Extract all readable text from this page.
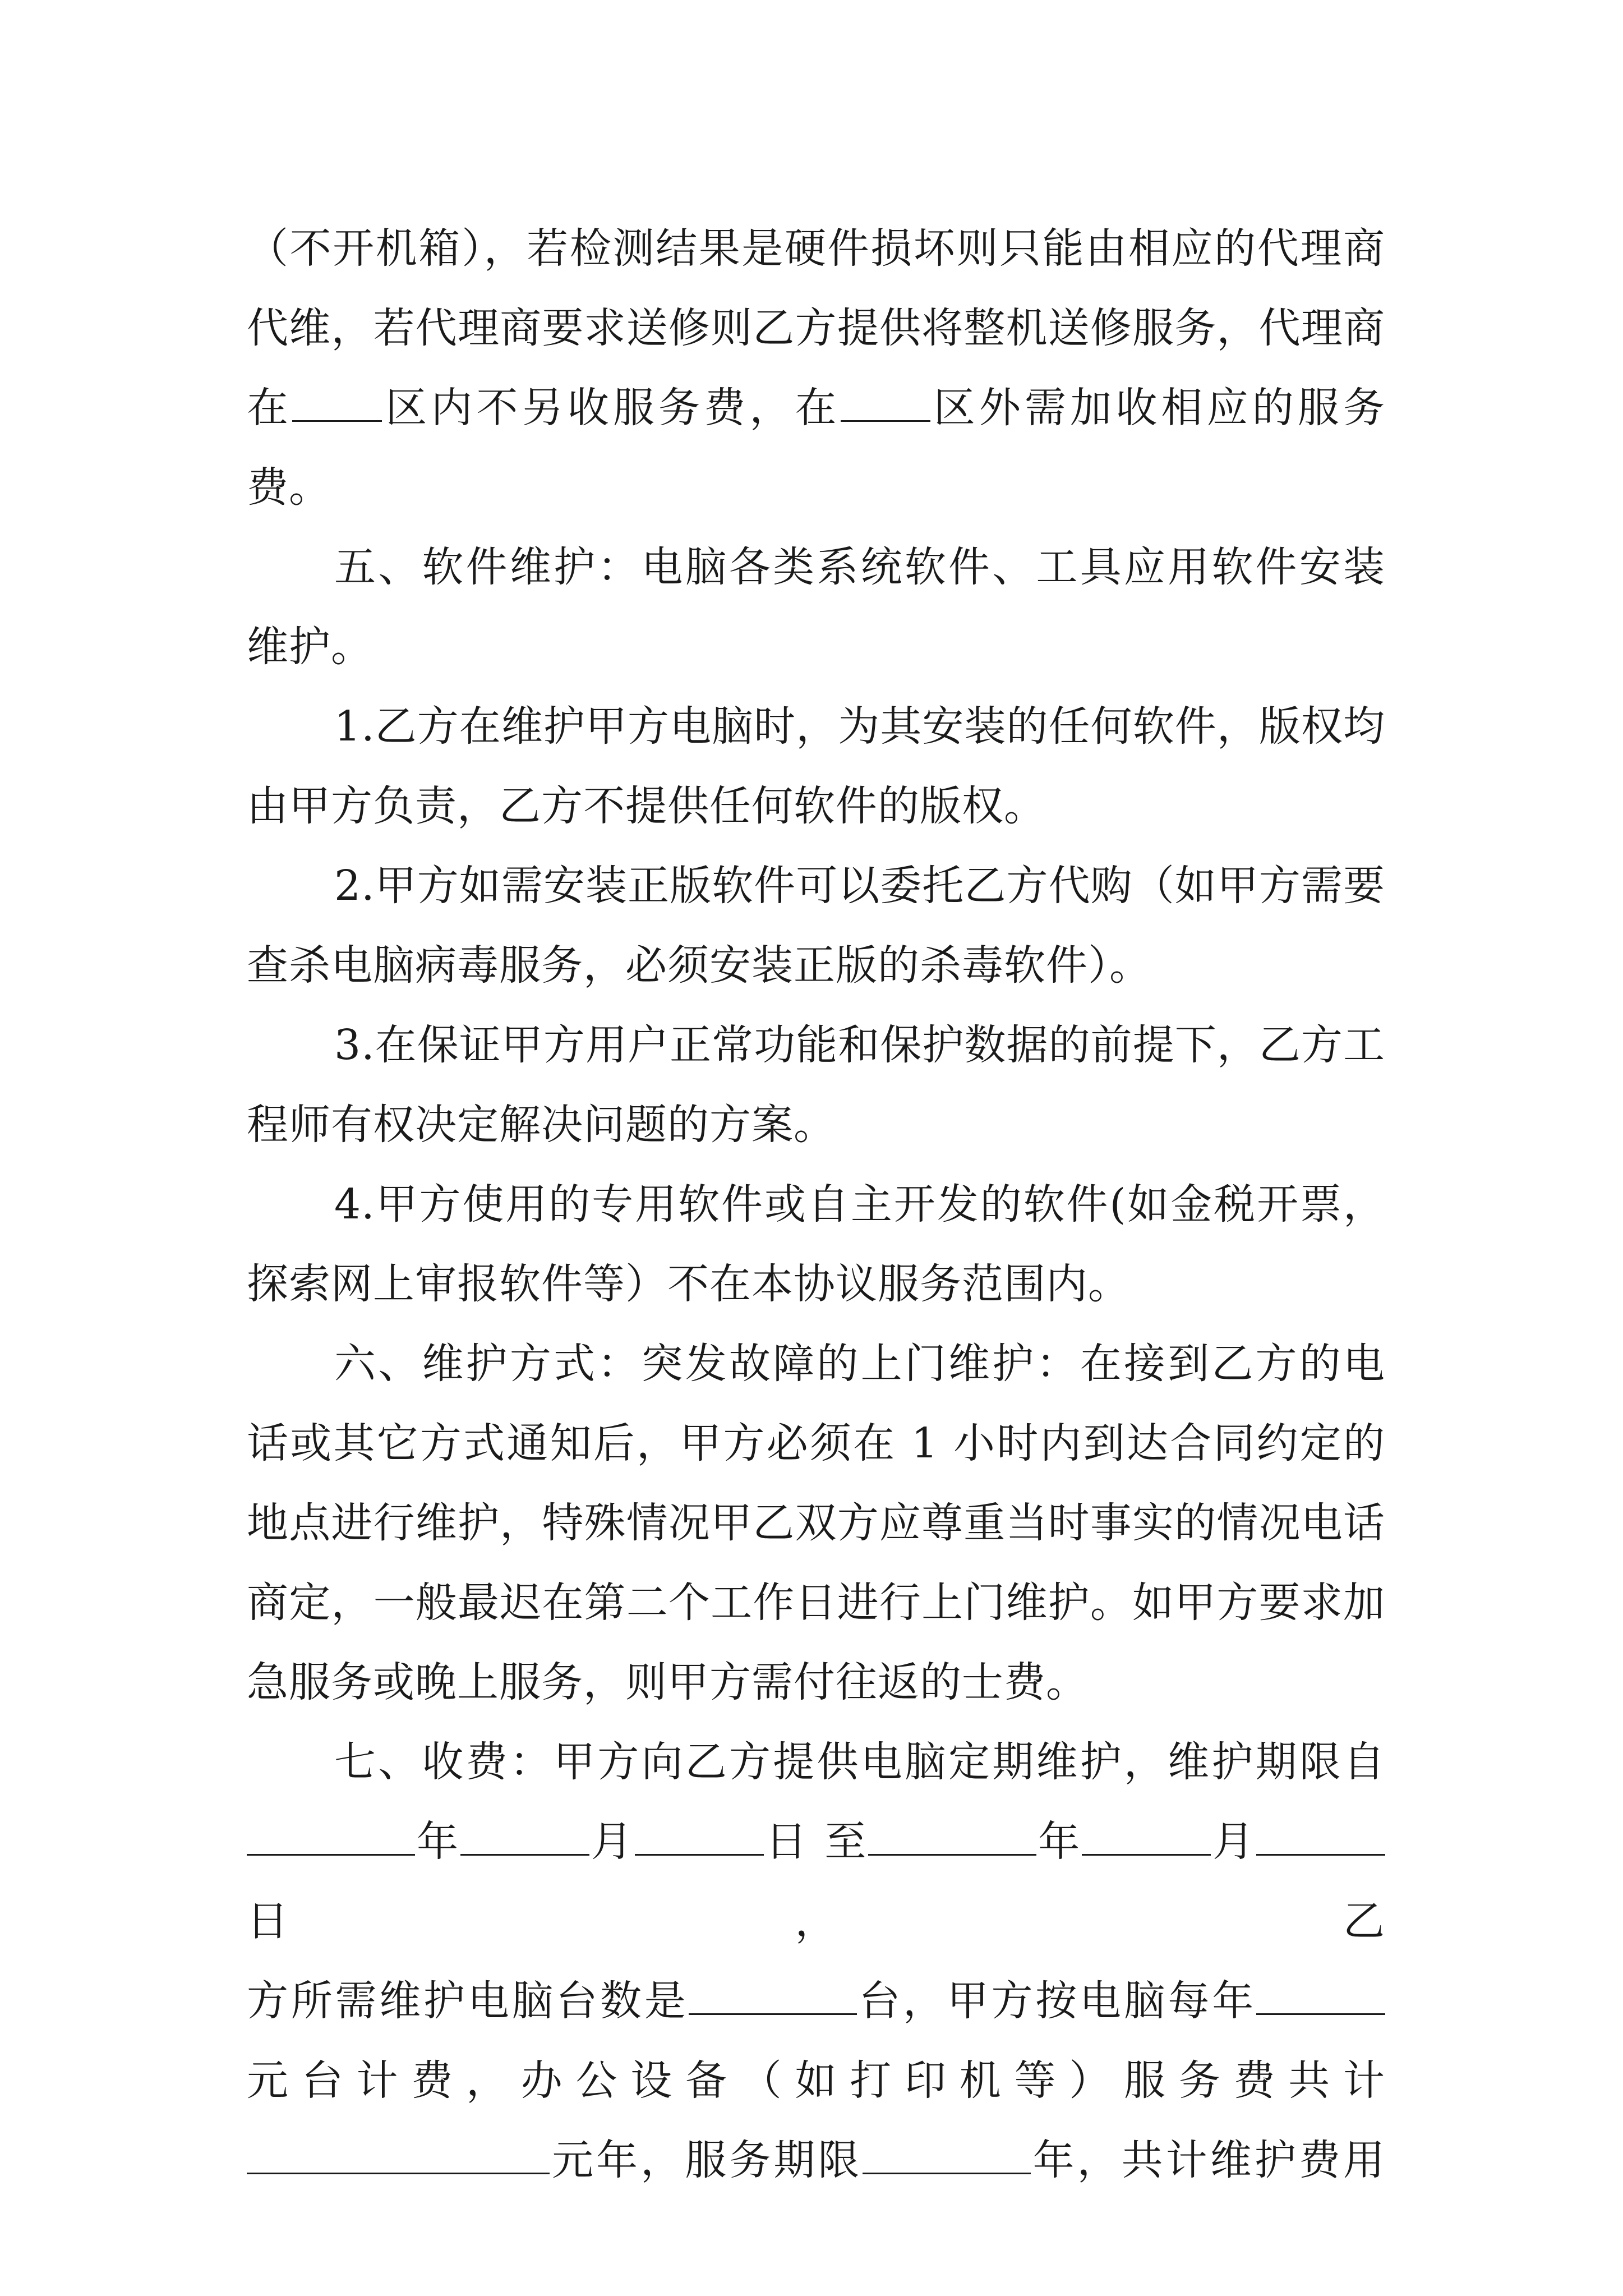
（不开机箱），若检测结果是硬件损坏则只能由相应的代理商代维，若代理商要求送修则乙方提供将整机送修服务，代理商在 区内不另收服务费，在 区外需加收相应的服务费。

五、软件维护：电脑各类系统软件、工具应用软件安装维护。

1.乙方在维护甲方电脑时，为其安装的任何软件，版权均由甲方负责，乙方不提供任何软件的版权。

2.甲方如需安装正版软件可以委托乙方代购（如甲方需要查杀电脑病毒服务，必须安装正版的杀毒软件）。

3.在保证甲方用户正常功能和保护数据的前提下，乙方工程师有权决定解决问题的方案。

4.甲方使用的专用软件或自主开发的软件(如金税开票，探索网上审报软件等）不在本协议服务范围内。

六、维护方式：突发故障的上门维护：在接到乙方的电话或其它方式通知后，甲方必须在 1 小时内到达合同约定的地点进行维护，特殊情况甲乙双方应尊重当时事实的情况电话商定，一般最迟在第二个工作日进行上门维护。如甲方要求加急服务或晚上服务，则甲方需付往返的士费。

七、收费：甲方向乙方提供电脑定期维护，维护期限自

年	月	日 至	年	月日，乙

方所需维护电脑台数是	台，甲方按电脑每年

元台计费，办公设备（如打印机等）服务费共计

元年，服务期限	年，共计维护费用
